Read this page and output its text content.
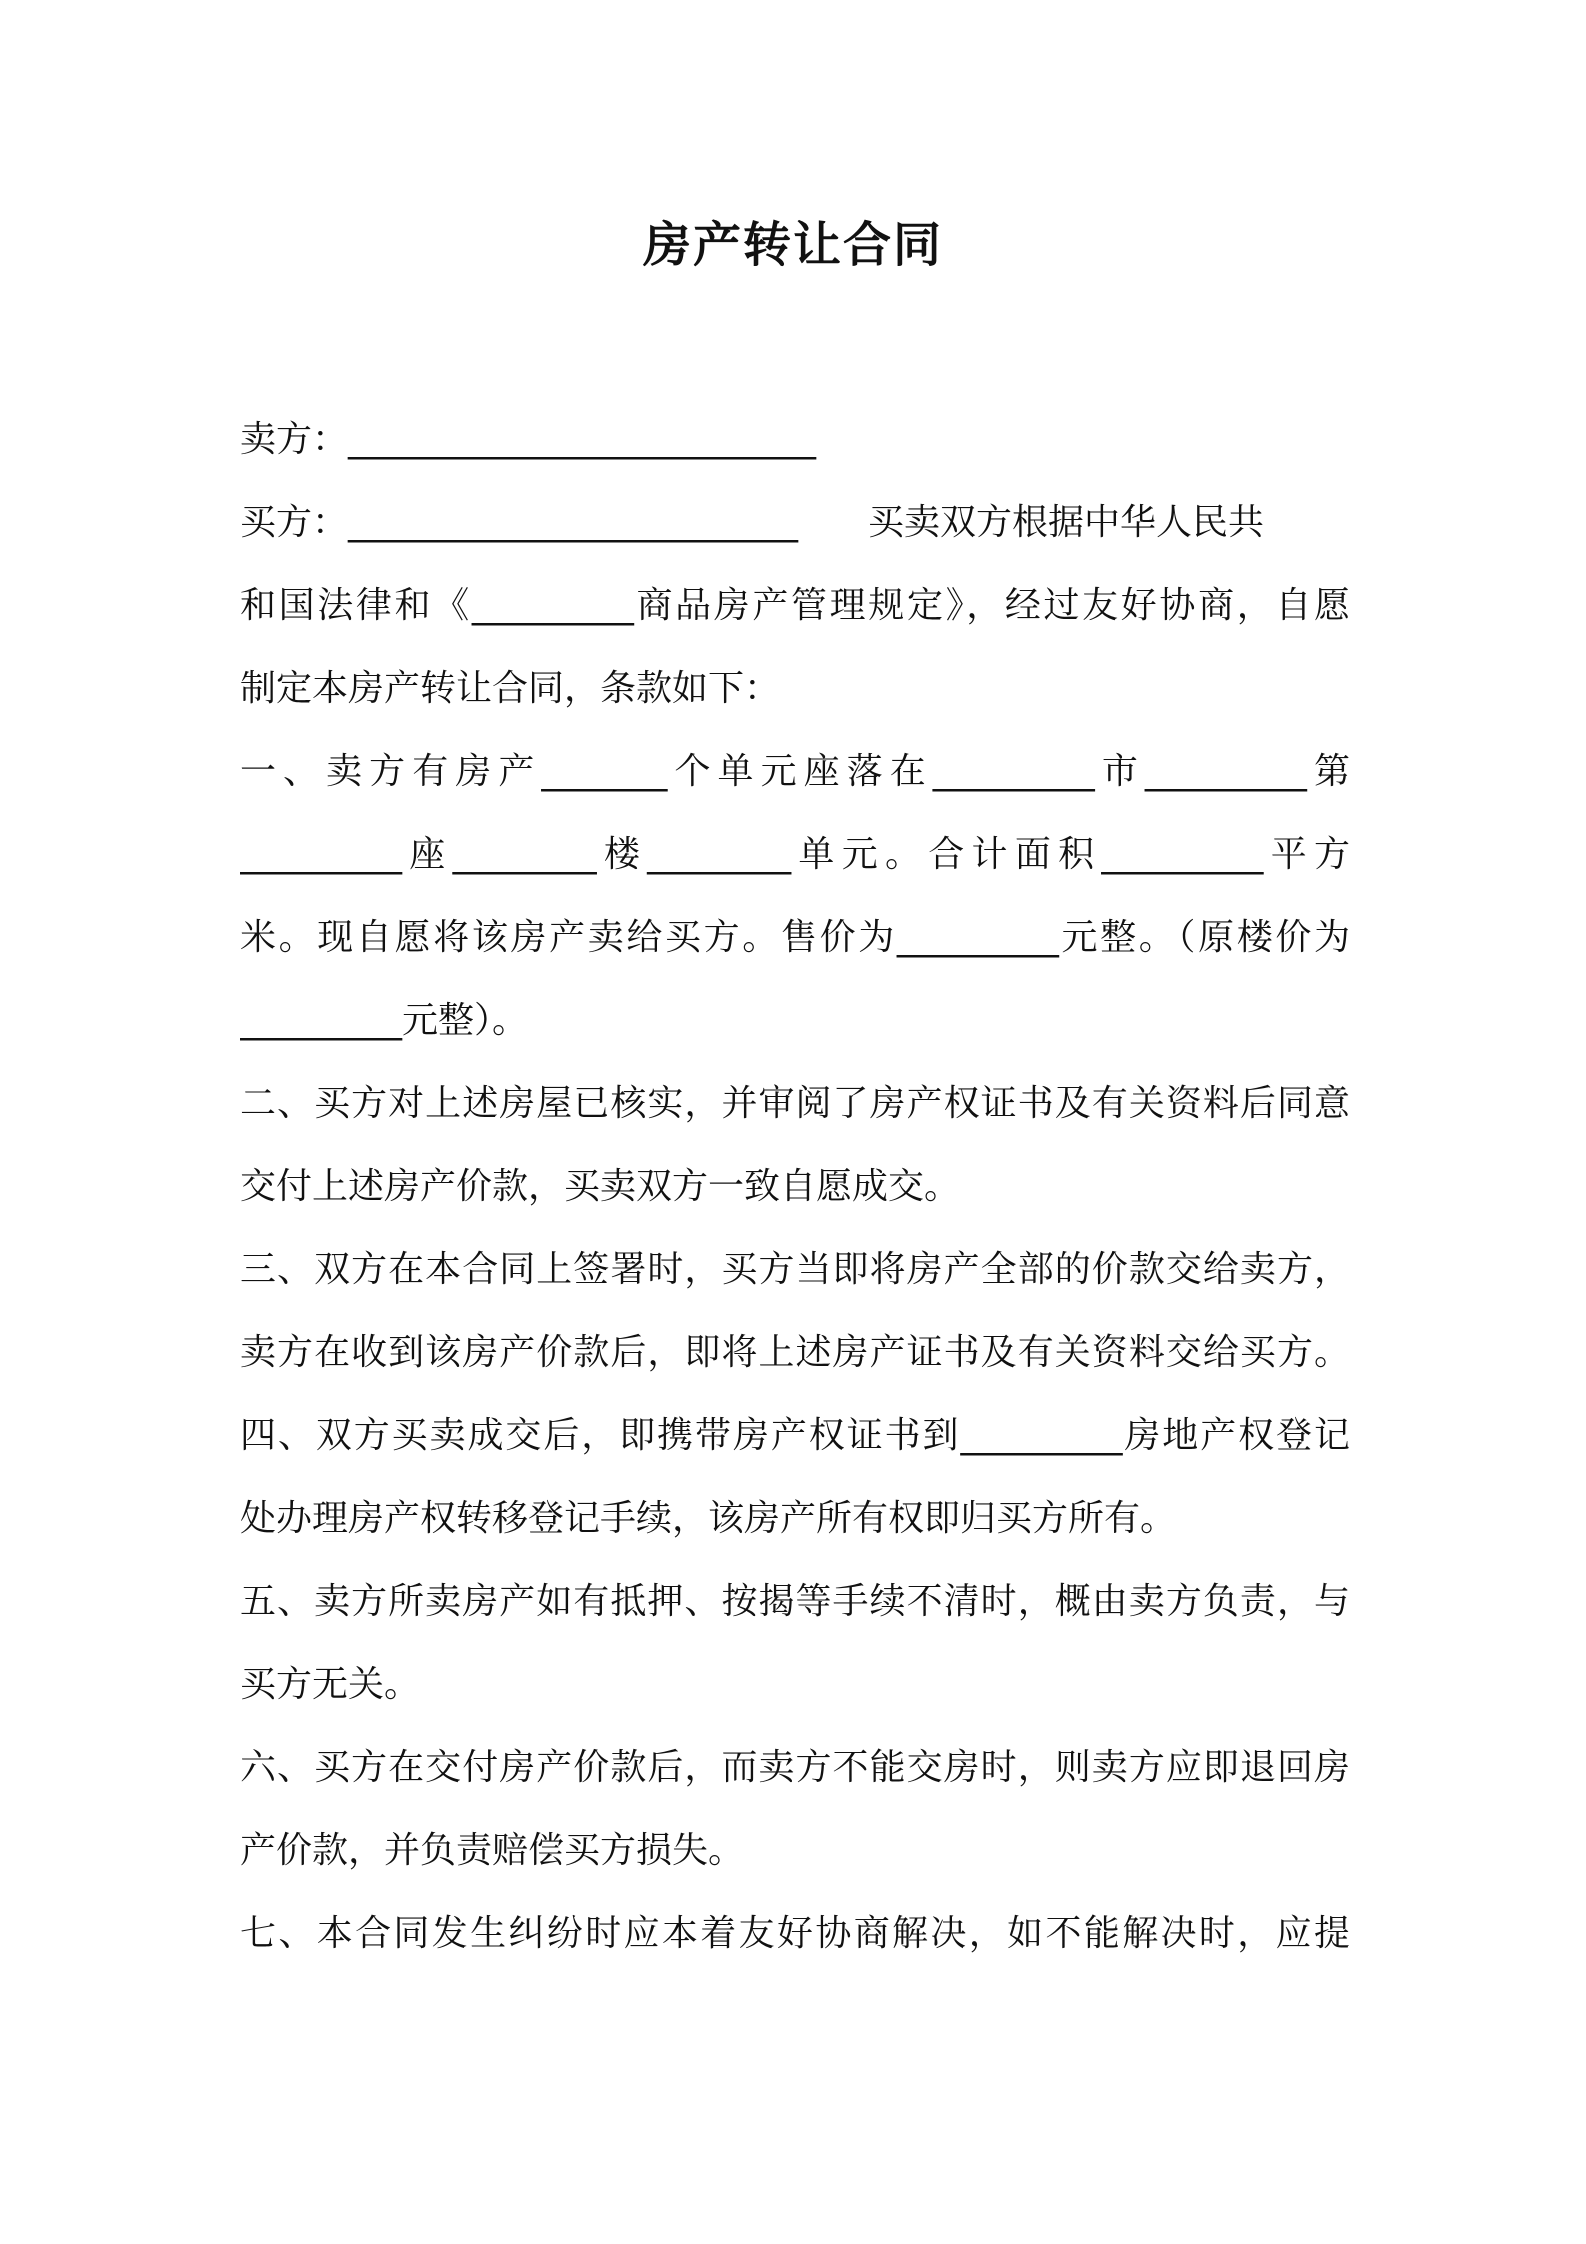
房产转让合同
卖方：__________________________
买方：_________________________ 买卖双方根据中华人民共
和国法律和《_________商品房产管理规定》，经过友好协商，自愿
制定本房产转让合同，条款如下：
一、卖方有房产_______个单元座落在_________市_________第
_________座________楼________单元。合计面积_________平方
米。现自愿将该房产卖给买方。售价为_________元整。（原楼价为
_________元整）。
二、买方对上述房屋已核实，并审阅了房产权证书及有关资料后同意
交付上述房产价款，买卖双方一致自愿成交。
三、双方在本合同上签署时，买方当即将房产全部的价款交给卖方，
卖方在收到该房产价款后，即将上述房产证书及有关资料交给买方。
四、双方买卖成交后，即携带房产权证书到_________房地产权登记
处办理房产权转移登记手续，该房产所有权即归买方所有。
五、卖方所卖房产如有抵押、按揭等手续不清时，概由卖方负责，与
买方无关。
六、买方在交付房产价款后，而卖方不能交房时，则卖方应即退回房
产价款，并负责赔偿买方损失。
七、本合同发生纠纷时应本着友好协商解决，如不能解决时，应提
